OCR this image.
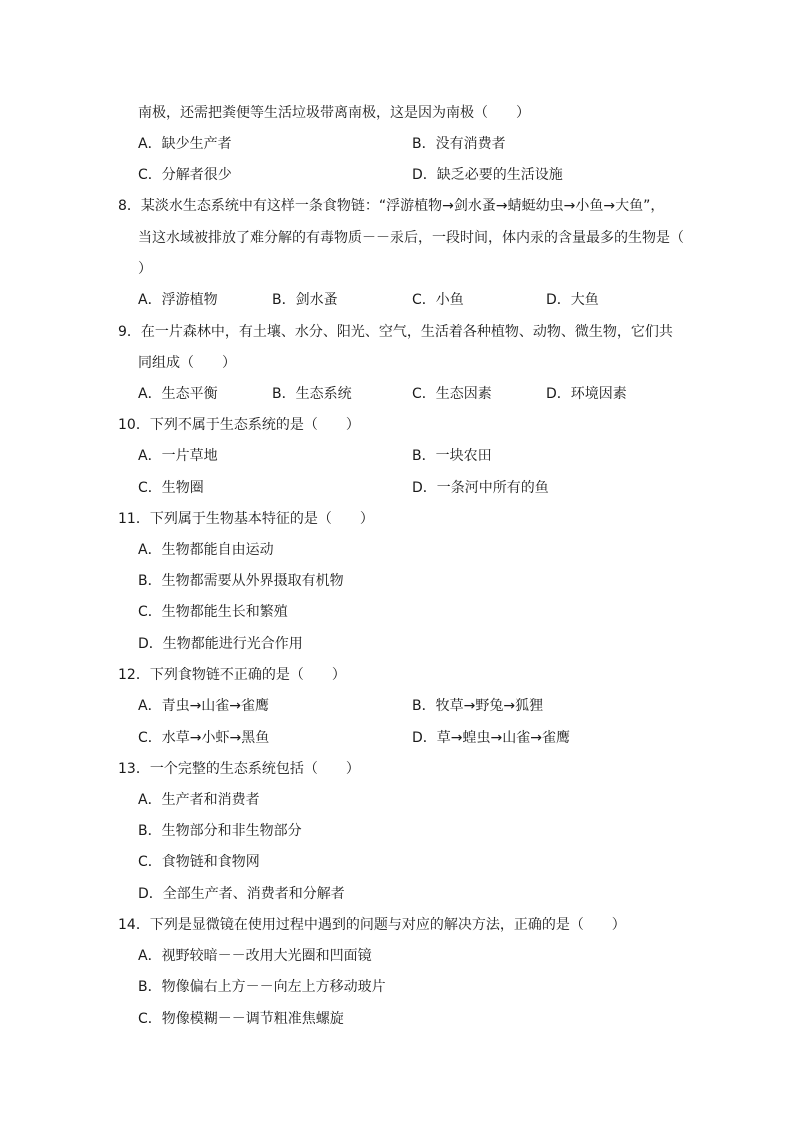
南极，还需把粪便等生活垃圾带离南极，这是因为南极（　　）
A．缺少生产者	B．没有消费者
C．分解者很少	D．缺乏必要的生活设施
8．某淡水生态系统中有这样一条食物链：“浮游植物→剑水蚤→蜻蜓幼虫→小鱼→大鱼”，
当这水域被排放了难分解的有毒物质－－汞后，一段时间，体内汞的含量最多的生物是（
）
A．浮游植物	B．剑水蚤	C．小鱼	D．大鱼
9．在一片森林中，有土壤、水分、阳光、空气，生活着各种植物、动物、微生物，它们共
同组成（　　）
A．生态平衡	B．生态系统	C．生态因素	D．环境因素
10．下列不属于生态系统的是（　　）
A．一片草地	B．一块农田
C．生物圈	D．一条河中所有的鱼
11．下列属于生物基本特征的是（　　）
A．生物都能自由运动
B．生物都需要从外界摄取有机物
C．生物都能生长和繁殖
D．生物都能进行光合作用
12．下列食物链不正确的是（　　）
A．青虫→山雀→雀鹰	B．牧草→野兔→狐狸
C．水草→小虾→黑鱼	D．草→蝗虫→山雀→雀鹰
13．一个完整的生态系统包括（　　）
A．生产者和消费者
B．生物部分和非生物部分
C．食物链和食物网
D．全部生产者、消费者和分解者
14．下列是显微镜在使用过程中遇到的问题与对应的解决方法，正确的是（　　）
A．视野较暗－－改用大光圈和凹面镜
B．物像偏右上方－－向左上方移动玻片
C．物像模糊－－调节粗准焦螺旋
